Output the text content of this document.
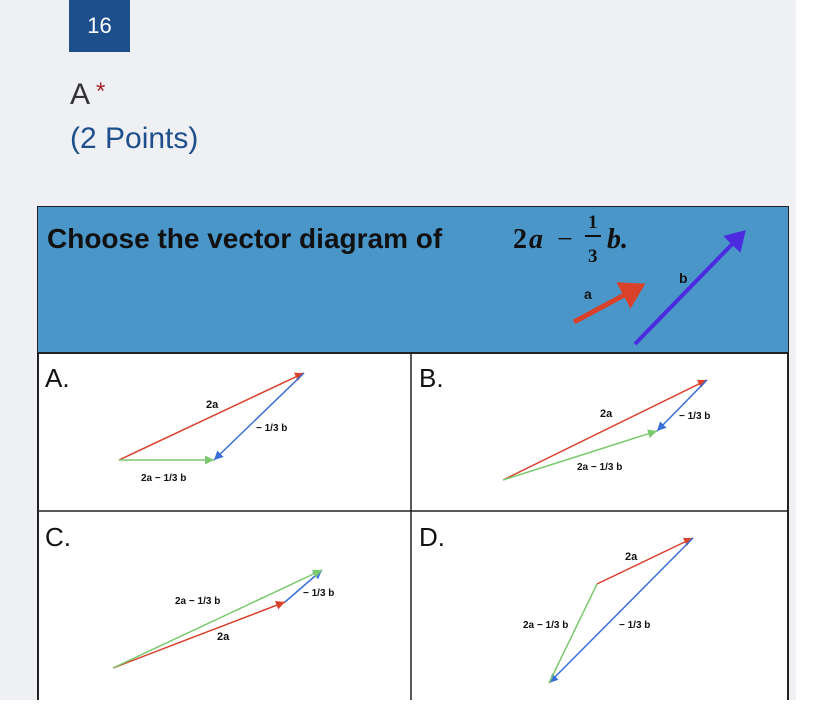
16
A *
(2 Points)
Choose the vector diagram of	2 a −
1
3
b.
a
b
A.
2a
− 1/3 b
2a − 1/3 b
B.
2a	− 1/3 b
2a − 1/3 b
C.
2a
− 1/3 b
2a − 1/3 b
D.
2a
− 1/3 b
2a − 1/3 b
